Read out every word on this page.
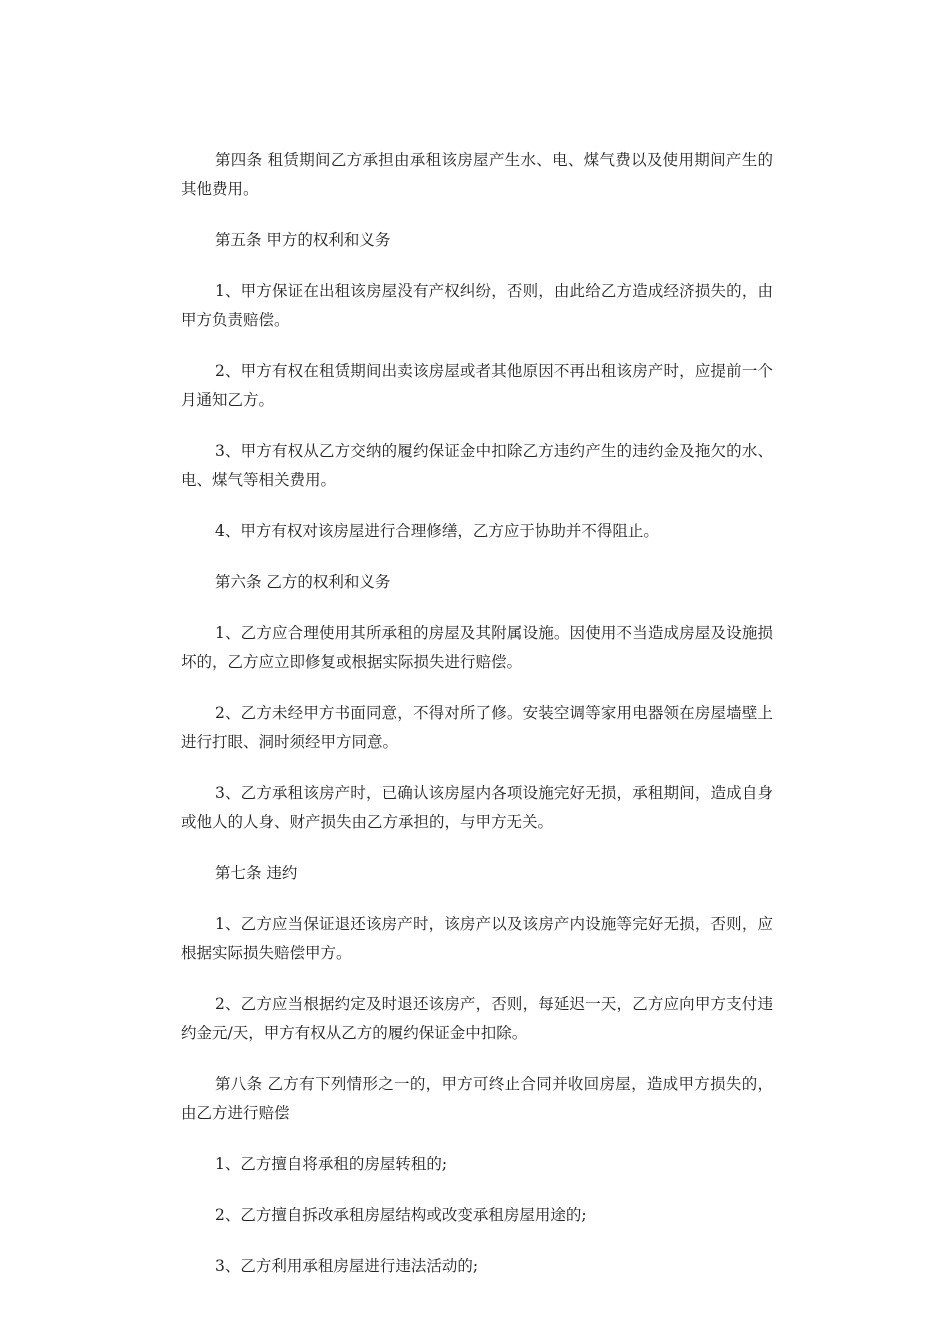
第四条 租赁期间乙方承担由承租该房屋产生水、电、煤气费以及使用期间产生的其他费用。

第五条 甲方的权利和义务

1、甲方保证在出租该房屋没有产权纠纷，否则，由此给乙方造成经济损失的，由甲方负责赔偿。

2、甲方有权在租赁期间出卖该房屋或者其他原因不再出租该房产时，应提前一个月通知乙方。

3、甲方有权从乙方交纳的履约保证金中扣除乙方违约产生的违约金及拖欠的水、电、煤气等相关费用。

4、甲方有权对该房屋进行合理修缮，乙方应于协助并不得阻止。

第六条 乙方的权利和义务

1、乙方应合理使用其所承租的房屋及其附属设施。因使用不当造成房屋及设施损坏的，乙方应立即修复或根据实际损失进行赔偿。

2、乙方未经甲方书面同意，不得对所了修。安装空调等家用电器领在房屋墙壁上进行打眼、洞时须经甲方同意。

3、乙方承租该房产时，已确认该房屋内各项设施完好无损，承租期间，造成自身或他人的人身、财产损失由乙方承担的，与甲方无关。

第七条 违约

1、乙方应当保证退还该房产时，该房产以及该房产内设施等完好无损，否则，应根据实际损失赔偿甲方。

2、乙方应当根据约定及时退还该房产，否则，每延迟一天，乙方应向甲方支付违约金元/天，甲方有权从乙方的履约保证金中扣除。

第八条 乙方有下列情形之一的，甲方可终止合同并收回房屋，造成甲方损失的，由乙方进行赔偿

1、乙方擅自将承租的房屋转租的;

2、乙方擅自拆改承租房屋结构或改变承租房屋用途的;

3、乙方利用承租房屋进行违法活动的;
